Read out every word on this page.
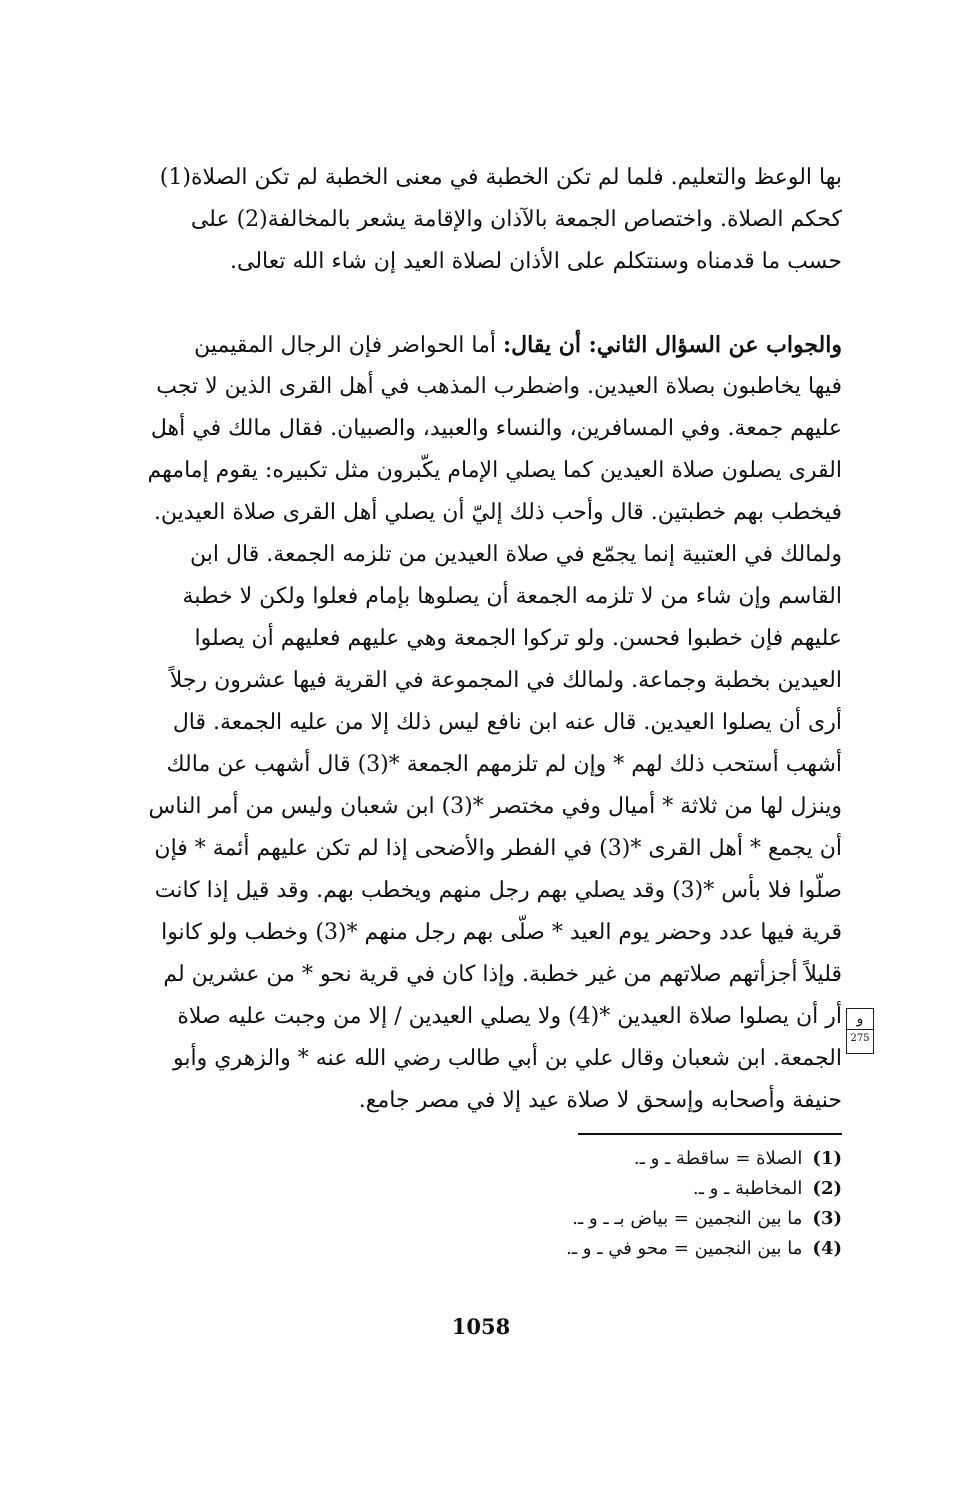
بها الوعظ والتعليم. فلما لم تكن الخطبة في معنى الخطبة لم تكن الصلاة(1)
كحكم الصلاة. واختصاص الجمعة بالآذان والإقامة يشعر بالمخالفة(2) على
حسب ما قدمناه وسنتكلم على الأذان لصلاة العيد إن شاء الله تعالى.
والجواب عن السؤال الثاني: أن يقال: أما الحواضر فإن الرجال المقيمين
فيها يخاطبون بصلاة العيدين. واضطرب المذهب في أهل القرى الذين لا تجب
عليهم جمعة. وفي المسافرين، والنساء والعبيد، والصبيان. فقال مالك في أهل
القرى يصلون صلاة العيدين كما يصلي الإمام يكّبرون مثل تكبيره: يقوم إمامهم
فيخطب بهم خطبتين. قال وأحب ذلك إليّ أن يصلي أهل القرى صلاة العيدين.
ولمالك في العتبية إنما يجمّع في صلاة العيدين من تلزمه الجمعة. قال ابن
القاسم وإن شاء من لا تلزمه الجمعة أن يصلوها بإمام فعلوا ولكن لا خطبة
عليهم فإن خطبوا فحسن. ولو تركوا الجمعة وهي عليهم فعليهم أن يصلوا
العيدين بخطبة وجماعة. ولمالك في المجموعة في القرية فيها عشرون رجلاً
أرى أن يصلوا العيدين. قال عنه ابن نافع ليس ذلك إلا من عليه الجمعة. قال
أشهب أستحب ذلك لهم * وإن لم تلزمهم الجمعة *(3) قال أشهب عن مالك
وينزل لها من ثلاثة * أميال وفي مختصر *(3) ابن شعبان وليس من أمر الناس
أن يجمع * أهل القرى *(3) في الفطر والأضحى إذا لم تكن عليهم أئمة * فإن
صلّوا فلا بأس *(3) وقد يصلي بهم رجل منهم ويخطب بهم. وقد قيل إذا كانت
قرية فيها عدد وحضر يوم العيد * صلّى بهم رجل منهم *(3) وخطب ولو كانوا
قليلاً أجزأتهم صلاتهم من غير خطبة. وإذا كان في قرية نحو * من عشرين لم
أر أن يصلوا صلاة العيدين *(4) ولا يصلي العيدين / إلا من وجبت عليه صلاة
الجمعة. ابن شعبان وقال علي بن أبي طالب رضي الله عنه * والزهري وأبو
حنيفة وأصحابه وإسحق لا صلاة عيد إلا في مصر جامع.
و
275
(1)الصلاة = ساقطة ـ و ـ.
(2)المخاطبة ـ و ـ.
(3)ما بين النجمين = بياض بـ ـ و ـ.
(4)ما بين النجمين = محو في ـ و ـ.
1058
